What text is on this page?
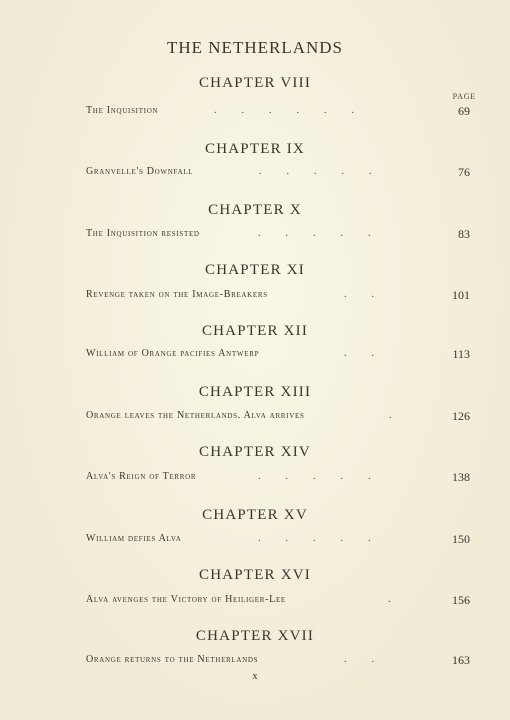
THE NETHERLANDS
PAGE
CHAPTER VIII
The Inquisition	.          .          .          .          .          .	69
CHAPTER IX
Granvelle's Downfall	.          .          .          .          .	76
CHAPTER X
The Inquisition resisted	.          .          .          .          .	83
CHAPTER XI
Revenge taken on the Image-Breakers	.          .	101
CHAPTER XII
William of Orange pacifies Antwerp	.          .	113
CHAPTER XIII
Orange leaves the Netherlands. Alva arrives	.	126
CHAPTER XIV
Alva's Reign of Terror	.          .          .          .          .	138
CHAPTER XV
William defies Alva	.          .          .          .          .	150
CHAPTER XVI
Alva avenges the Victory of Heiliger-Lee	.	156
CHAPTER XVII
Orange returns to the Netherlands	.          .	163
x
